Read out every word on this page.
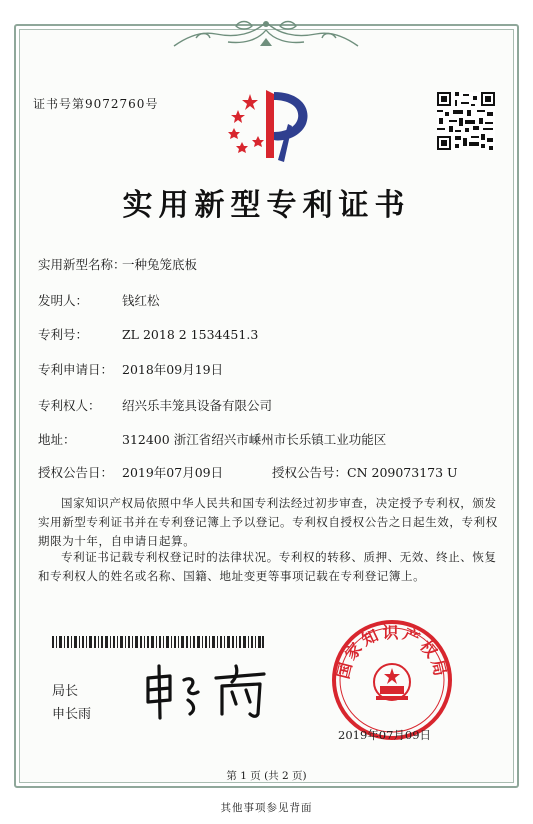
证书号第9072760号
实用新型专利证书
实用新型名称：一种兔笼底板
发明人：	钱红松
专利号：	ZL 2018 2 1534451.3
专利申请日： 2018年09月19日
专利权人： 绍兴乐丰笼具设备有限公司
地址：	312400 浙江省绍兴市嵊州市长乐镇工业功能区
授权公告日： 2019年07月09日	授权公告号：CN 209073173 U
国家知识产权局依照中华人民共和国专利法经过初步审查，决定授予专利权，颁发实用新型专利证书并在专利登记簿上予以登记。专利权自授权公告之日起生效，专利权期限为十年，自申请日起算。
专利证书记载专利权登记时的法律状况。专利权的转移、质押、无效、终止、恢复和专利权人的姓名或名称、国籍、地址变更等事项记载在专利登记簿上。
局长
申长雨
国家知识产权局
2019年07月09日
第 1 页 (共 2 页)
其他事项参见背面
